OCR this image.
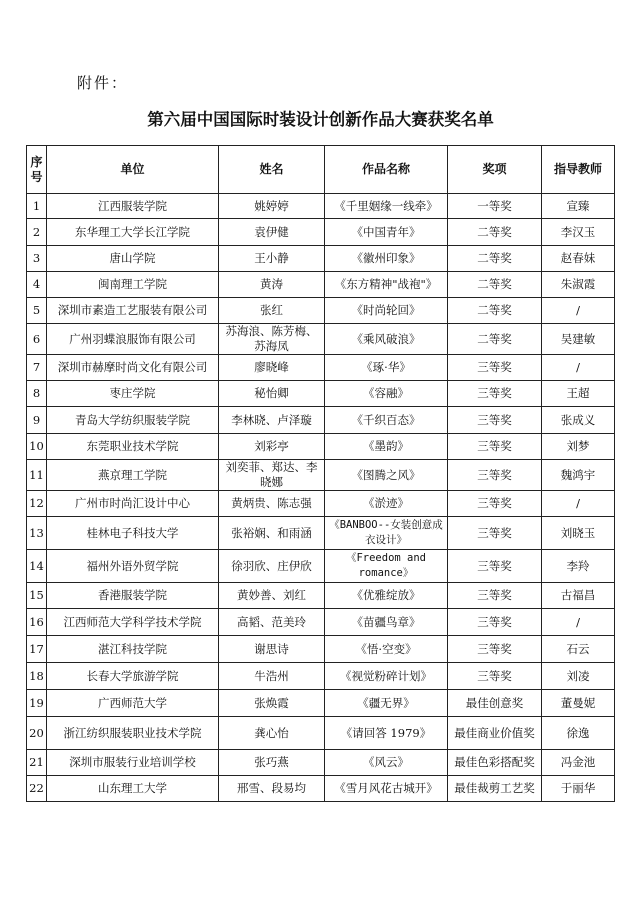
附件：
第六届中国国际时装设计创新作品大赛获奖名单
序号	单位	姓名	作品名称	奖项	指导教师
1	江西服装学院	姚婷婷	《千里姻缘一线牵》	一等奖	宣臻
2	东华理工大学长江学院	袁伊健	《中国青年》	二等奖	李汉玉
3	唐山学院	王小静	《徽州印象》	二等奖	赵春妹
4	闽南理工学院	黄涛	《东方精神"战袍"》	二等奖	朱淑霞
5	深圳市素造工艺服装有限公司	张红	《时尚轮回》	二等奖	/
6	广州羽蝶浪服饰有限公司	苏海浪、陈芳梅、苏海凤	《乘风破浪》	二等奖	吴建敏
7	深圳市赫摩时尚文化有限公司	廖晓峰	《琢·华》	三等奖	/
8	枣庄学院	秘怡卿	《容融》	三等奖	王超
9	青岛大学纺织服装学院	李林晓、卢泽璇	《千织百态》	三等奖	张成义
10	东莞职业技术学院	刘彩亭	《墨韵》	三等奖	刘梦
11	燕京理工学院	刘奕菲、郑达、李晓娜	《图腾之风》	三等奖	魏鸿宇
12	广州市时尚汇设计中心	黄炳贵、陈志强	《淤迹》	三等奖	/
13	桂林电子科技大学	张裕娴、和雨涵	《BANBOO--女装创意成衣设计》	三等奖	刘晓玉
14	福州外语外贸学院	徐羽欣、庄伊欣	《Freedom and romance》	三等奖	李羚
15	香港服装学院	黄妙善、刘红	《优雅绽放》	三等奖	古福昌
16	江西师范大学科学技术学院	高韬、范美玲	《苗疆鸟章》	三等奖	/
17	湛江科技学院	谢思诗	《悟·空变》	三等奖	石云
18	长春大学旅游学院	牛浩州	《视觉粉碎计划》	三等奖	刘凌
19	广西师范大学	张焕霞	《疆无界》	最佳创意奖	董曼妮
20	浙江纺织服装职业技术学院	龚心怡	《请回答 1979》	最佳商业价值奖	徐逸
21	深圳市服装行业培训学校	张巧燕	《风云》	最佳色彩搭配奖	冯金池
22	山东理工大学	邢雪、段易均	《雪月风花古城开》	最佳裁剪工艺奖	于丽华
